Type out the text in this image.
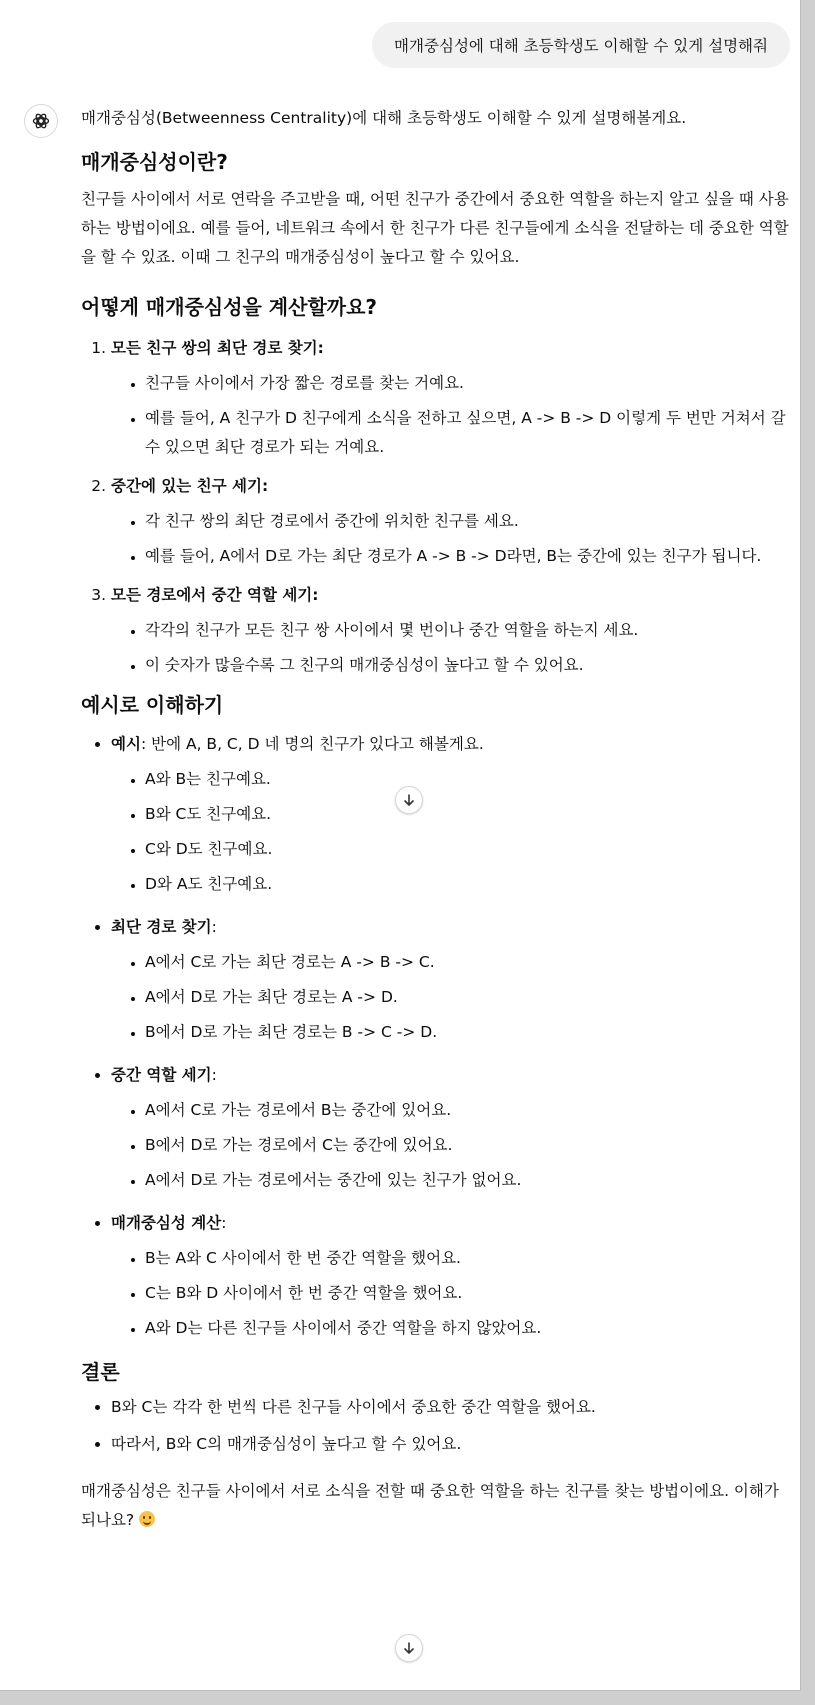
매개중심성에 대해 초등학생도 이해할 수 있게 설명해줘

매개중심성(Betweenness Centrality)에 대해 초등학생도 이해할 수 있게 설명해볼게요.

매개중심성이란?

친구들 사이에서 서로 연락을 주고받을 때, 어떤 친구가 중간에서 중요한 역할을 하는지 알고 싶을 때 사용하는 방법이에요. 예를 들어, 네트워크 속에서 한 친구가 다른 친구들에게 소식을 전달하는 데 중요한 역할을 할 수 있죠. 이때 그 친구의 매개중심성이 높다고 할 수 있어요.

어떻게 매개중심성을 계산할까요?
1. 모든 친구 쌍의 최단 경로 찾기:
• 친구들 사이에서 가장 짧은 경로를 찾는 거예요.
• 예를 들어, A 친구가 D 친구에게 소식을 전하고 싶으면, A -> B -> D 이렇게 두 번만 거쳐서 갈 수 있으면 최단 경로가 되는 거예요.
2. 중간에 있는 친구 세기:
• 각 친구 쌍의 최단 경로에서 중간에 위치한 친구를 세요.
• 예를 들어, A에서 D로 가는 최단 경로가 A -> B -> D라면, B는 중간에 있는 친구가 됩니다.
3. 모든 경로에서 중간 역할 세기:
• 각각의 친구가 모든 친구 쌍 사이에서 몇 번이나 중간 역할을 하는지 세요.
• 이 숫자가 많을수록 그 친구의 매개중심성이 높다고 할 수 있어요.
예시로 이해하기
• 예시: 반에 A, B, C, D 네 명의 친구가 있다고 해볼게요.
• A와 B는 친구예요.
• B와 C도 친구예요.
• C와 D도 친구예요.
• D와 A도 친구예요.
• 최단 경로 찾기:
• A에서 C로 가는 최단 경로는 A -> B -> C.
• A에서 D로 가는 최단 경로는 A -> D.
• B에서 D로 가는 최단 경로는 B -> C -> D.
• 중간 역할 세기:
• A에서 C로 가는 경로에서 B는 중간에 있어요.
• B에서 D로 가는 경로에서 C는 중간에 있어요.
• A에서 D로 가는 경로에서는 중간에 있는 친구가 없어요.
• 매개중심성 계산:
• B는 A와 C 사이에서 한 번 중간 역할을 했어요.
• C는 B와 D 사이에서 한 번 중간 역할을 했어요.
• A와 D는 다른 친구들 사이에서 중간 역할을 하지 않았어요.
결론
• B와 C는 각각 한 번씩 다른 친구들 사이에서 중요한 중간 역할을 했어요.
• 따라서, B와 C의 매개중심성이 높다고 할 수 있어요.

매개중심성은 친구들 사이에서 서로 소식을 전할 때 중요한 역할을 하는 친구를 찾는 방법이에요. 이해가 되나요?
